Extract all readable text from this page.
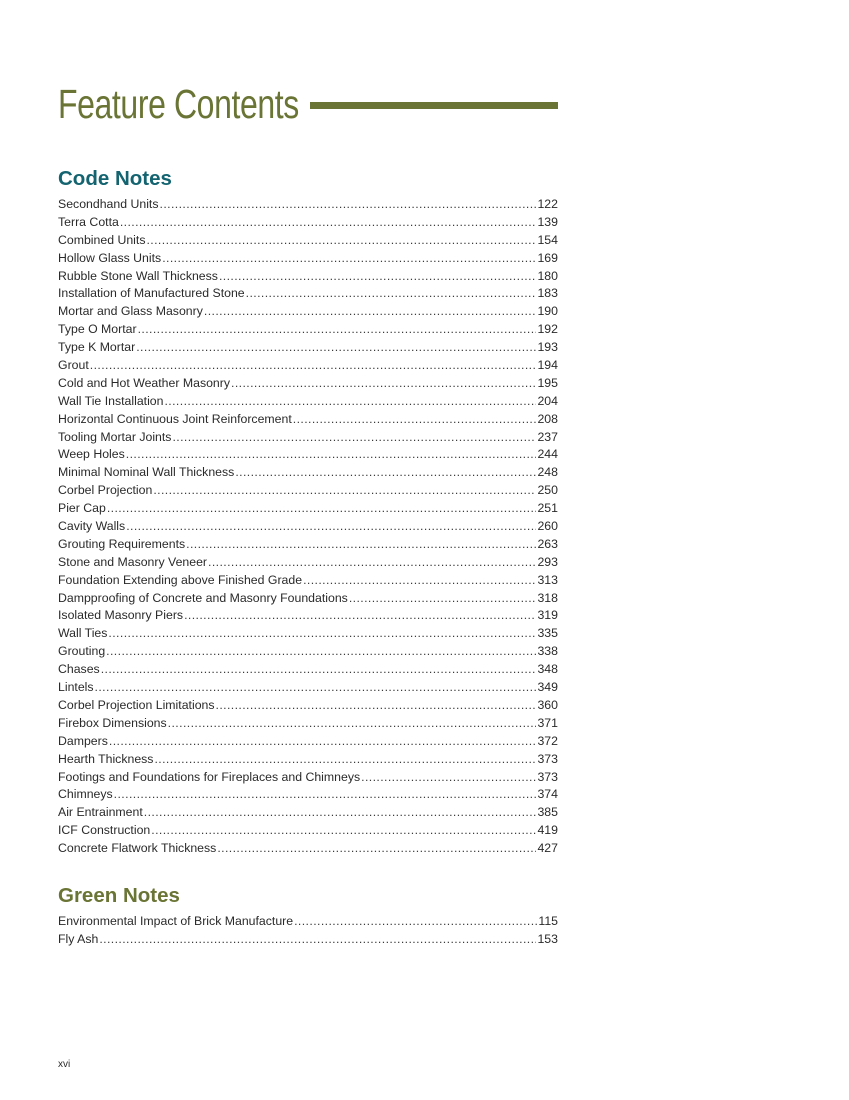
Feature Contents
Code Notes
Secondhand Units .....	122
Terra Cotta .....	139
Combined Units .....	154
Hollow Glass Units .....	169
Rubble Stone Wall Thickness .....	180
Installation of Manufactured Stone .....	183
Mortar and Glass Masonry .....	190
Type O Mortar .....	192
Type K Mortar .....	193
Grout .....	194
Cold and Hot Weather Masonry .....	195
Wall Tie Installation .....	204
Horizontal Continuous Joint Reinforcement .....	208
Tooling Mortar Joints .....	237
Weep Holes .....	244
Minimal Nominal Wall Thickness .....	248
Corbel Projection .....	250
Pier Cap .....	251
Cavity Walls .....	260
Grouting Requirements .....	263
Stone and Masonry Veneer .....	293
Foundation Extending above Finished Grade .....	313
Dampproofing of Concrete and Masonry Foundations .....	318
Isolated Masonry Piers .....	319
Wall Ties .....	335
Grouting .....	338
Chases .....	348
Lintels .....	349
Corbel Projection Limitations .....	360
Firebox Dimensions .....	371
Dampers .....	372
Hearth Thickness .....	373
Footings and Foundations for Fireplaces and Chimneys .....	373
Chimneys .....	374
Air Entrainment .....	385
ICF Construction .....	419
Concrete Flatwork Thickness .....	427
Green Notes
Environmental Impact of Brick Manufacture .....	115
Fly Ash .....	153
xvi
